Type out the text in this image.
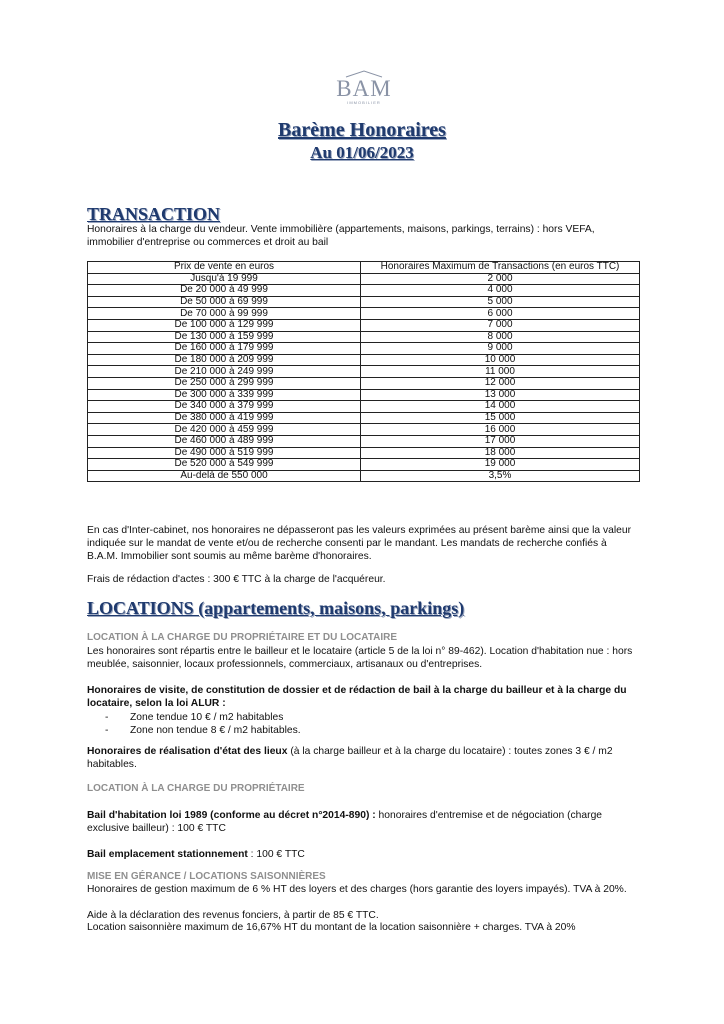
BAM
IMMOBILIER
Barème Honoraires
Au 01/06/2023
TRANSACTION
Honoraires à la charge du vendeur. Vente immobilière (appartements, maisons, parkings, terrains) : hors VEFA, immobilier d'entreprise ou commerces et droit au bail
Prix de vente en euros	Honoraires Maximum de Transactions (en euros TTC)
Jusqu'à 19 999	2 000
De 20 000 à 49 999	4 000
De 50 000 à 69 999	5 000
De 70 000 à 99 999	6 000
De 100 000 à 129 999	7 000
De 130 000 à 159 999	8 000
De 160 000 à 179 999	9 000
De 180 000 à 209 999	10 000
De 210 000 à 249 999	11 000
De 250 000 à 299 999	12 000
De 300 000 à 339 999	13 000
De 340 000 à 379 999	14 000
De 380 000 à 419 999	15 000
De 420 000 à 459 999	16 000
De 460 000 à 489 999	17 000
De 490 000 à 519 999	18 000
De 520 000 à 549 999	19 000
Au-delà de 550 000	3,5%
En cas d'Inter-cabinet, nos honoraires ne dépasseront pas les valeurs exprimées au présent barème ainsi que la valeur indiquée sur le mandat de vente et/ou de recherche consenti par le mandant. Les mandats de recherche confiés à B.A.M. Immobilier sont soumis au même barème d'honoraires.
Frais de rédaction d'actes : 300 € TTC à la charge de l'acquéreur.
LOCATIONS (appartements, maisons, parkings)
LOCATION À LA CHARGE DU PROPRIÉTAIRE ET DU LOCATAIRE
Les honoraires sont répartis entre le bailleur et le locataire (article 5 de la loi n° 89-462). Location d'habitation nue : hors meublée, saisonnier, locaux professionnels, commerciaux, artisanaux ou d'entreprises.
Honoraires de visite, de constitution de dossier et de rédaction de bail à la charge du bailleur et à la charge du locataire, selon la loi ALUR :
- Zone tendue 10 € / m2 habitables
- Zone non tendue 8 € / m2 habitables.
Honoraires de réalisation d'état des lieux (à la charge bailleur et à la charge du locataire) : toutes zones 3 € / m2 habitables.
LOCATION À LA CHARGE DU PROPRIÉTAIRE
Bail d'habitation loi 1989 (conforme au décret n°2014-890) : honoraires d'entremise et de négociation (charge exclusive bailleur) : 100 € TTC
Bail emplacement stationnement : 100 € TTC
MISE EN GÉRANCE / LOCATIONS SAISONNIÈRES
Honoraires de gestion maximum de 6 % HT des loyers et des charges (hors garantie des loyers impayés). TVA à 20%.
Aide à la déclaration des revenus fonciers, à partir de 85 € TTC.
Location saisonnière maximum de 16,67% HT du montant de la location saisonnière + charges. TVA à 20%
